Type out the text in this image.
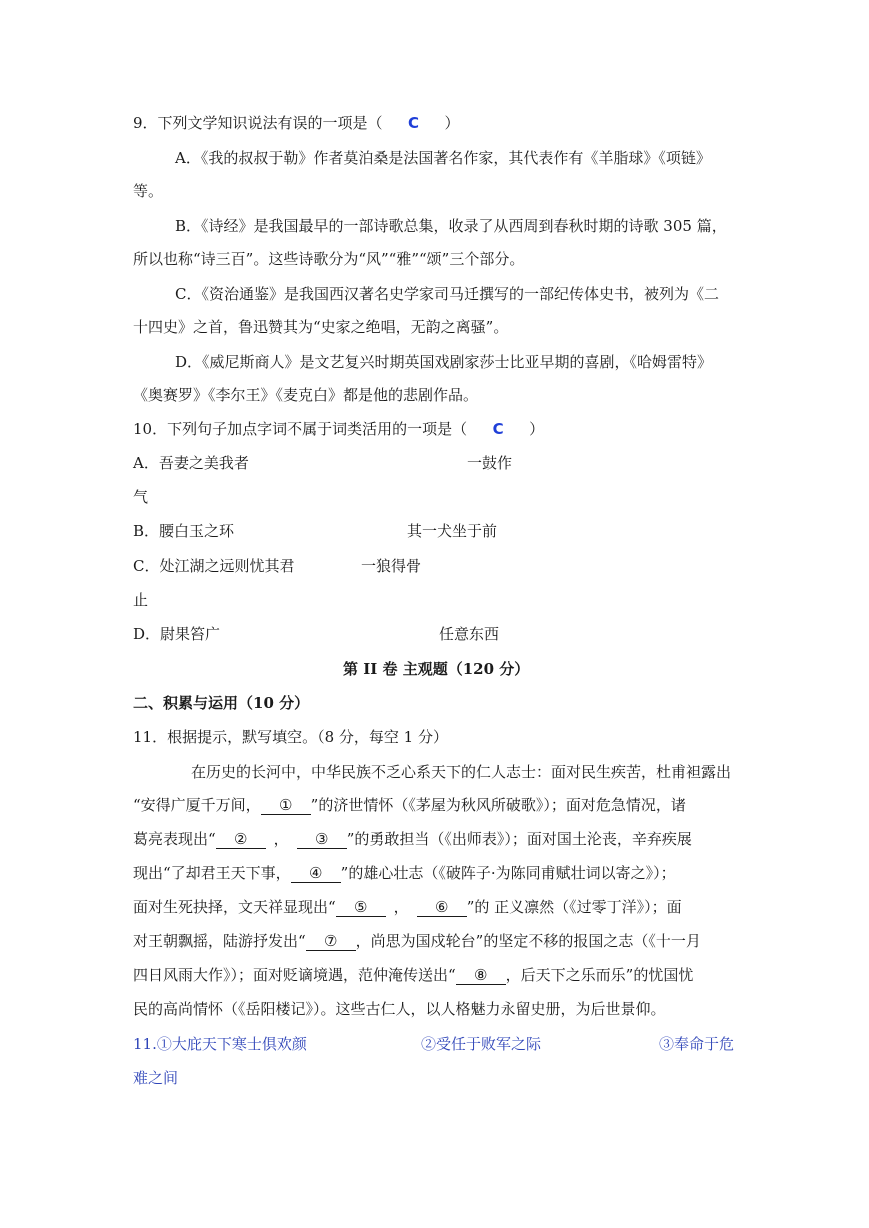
9．下列文学知识说法有误的一项是（ C ）
A．《我的叔叔于勒》作者莫泊桑是法国著名作家，其代表作有《羊脂球》《项链》
等。
B．《诗经》是我国最早的一部诗歌总集，收录了从西周到春秋时期的诗歌 305 篇，
所以也称“诗三百”。这些诗歌分为“风”“雅”“颂”三个部分。
C．《资治通鉴》是我国西汉著名史学家司马迁撰写的一部纪传体史书，被列为《二
十四史》之首，鲁迅赞其为“史家之绝唱，无韵之离骚”。
D．《威尼斯商人》是文艺复兴时期英国戏剧家莎士比亚早期的喜剧，《哈姆雷特》
《奥赛罗》《李尔王》《麦克白》都是他的悲剧作品。
10．下列句子加点字词不属于词类活用的一项是（ C ）
A．吾妻之美我者	一鼓作
气
B．腰白玉之环	其一犬坐于前
C．处江湖之远则忧其君	一狼得骨
止
D．尉果笞广	任意东西
第 II 卷 主观题（120 分）
二、积累与运用（10 分）
11．根据提示，默写填空。（8 分，每空 1 分）
在历史的长河中，中华民族不乏心系天下的仁人志士：面对民生疾苦，杜甫袒露出
“安得广厦千万间， ① ”的济世情怀（《茅屋为秋风所破歌》）；面对危急情况，诸
葛亮表现出“ ② ， ③ ”的勇敢担当（《出师表》）；面对国土沦丧，辛弃疾展
现出“了却君王天下事， ④ ”的雄心壮志（《破阵子·为陈同甫赋壮词以寄之》）；
面对生死抉择，文天祥显现出“ ⑤ ， ⑥ ”的 正义凛然（《过零丁洋》）；面
对王朝飘摇，陆游抒发出“ ⑦ ，尚思为国戍轮台”的坚定不移的报国之志（《十一月
四日风雨大作》）；面对贬谪境遇，范仲淹传送出“ ⑧ ，后天下之乐而乐”的忧国忧
民的高尚情怀（《岳阳楼记》）。这些古仁人，以人格魅力永留史册，为后世景仰。
11.①大庇天下寒士俱欢颜	②受任于败军之际	③奉命于危
难之间
